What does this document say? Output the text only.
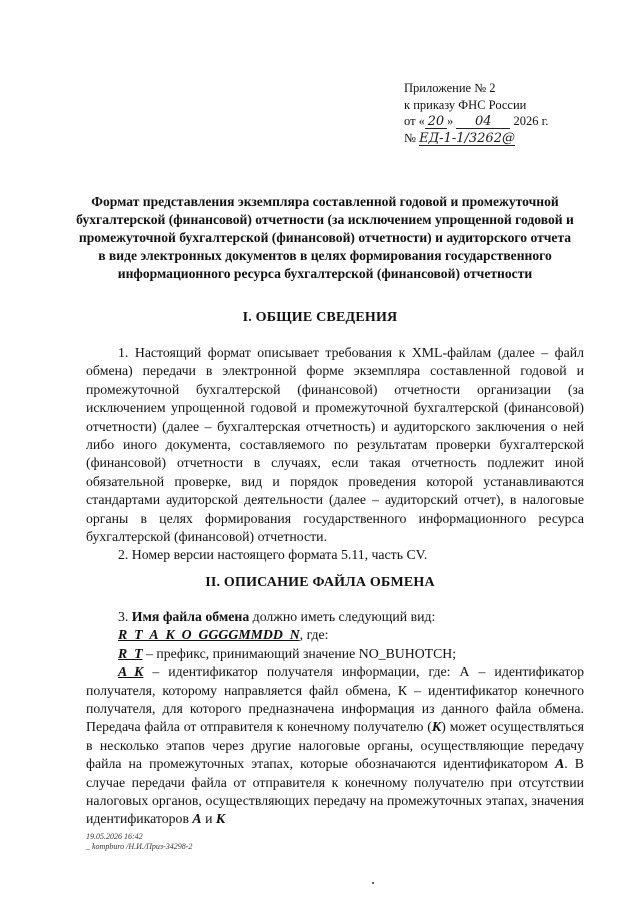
Приложение № 2
к приказу ФНС России
от « 20 » 04 2026 г.
№ ЕД-1-1/3262@
Формат представления экземпляра составленной годовой и промежуточной бухгалтерской (финансовой) отчетности (за исключением упрощенной годовой и промежуточной бухгалтерской (финансовой) отчетности) и аудиторского отчета в виде электронных документов в целях формирования государственного информационного ресурса бухгалтерской (финансовой) отчетности
I. ОБЩИЕ СВЕДЕНИЯ

1. Настоящий формат описывает требования к XML-файлам (далее – файл обмена) передачи в электронной форме экземпляра составленной годовой и промежуточной бухгалтерской (финансовой) отчетности организации (за исключением упрощенной годовой и промежуточной бухгалтерской (финансовой) отчетности) (далее – бухгалтерская отчетность) и аудиторского заключения о ней либо иного документа, составляемого по результатам проверки бухгалтерской (финансовой) отчетности в случаях, если такая отчетность подлежит иной обязательной проверке, вид и порядок проведения которой устанавливаются стандартами аудиторской деятельности (далее – аудиторский отчет), в налоговые органы в целях формирования государственного информационного ресурса бухгалтерской (финансовой) отчетности.

2. Номер версии настоящего формата 5.11, часть CV.

II. ОПИСАНИЕ ФАЙЛА ОБМЕНА

3. Имя файла обмена должно иметь следующий вид:

R_T_A_K_O_GGGGMMDD_N, где:

R_T – префикс, принимающий значение NO_BUHOTCH;

A_K – идентификатор получателя информации, где: А – идентификатор получателя, которому направляется файл обмена, К – идентификатор конечного получателя, для которого предназначена информация из данного файла обмена. Передача файла от отправителя к конечному получателю (К) может осуществляться в несколько этапов через другие налоговые органы, осуществляющие передачу файла на промежуточных этапах, которые обозначаются идентификатором А. В случае передачи файла от отправителя к конечному получателю при отсутствии налоговых органов, осуществляющих передачу на промежуточных этапах, значения идентификаторов А и К

19.05.2026 16:42
_ kompburo /Н.И./Приз-34298-2
